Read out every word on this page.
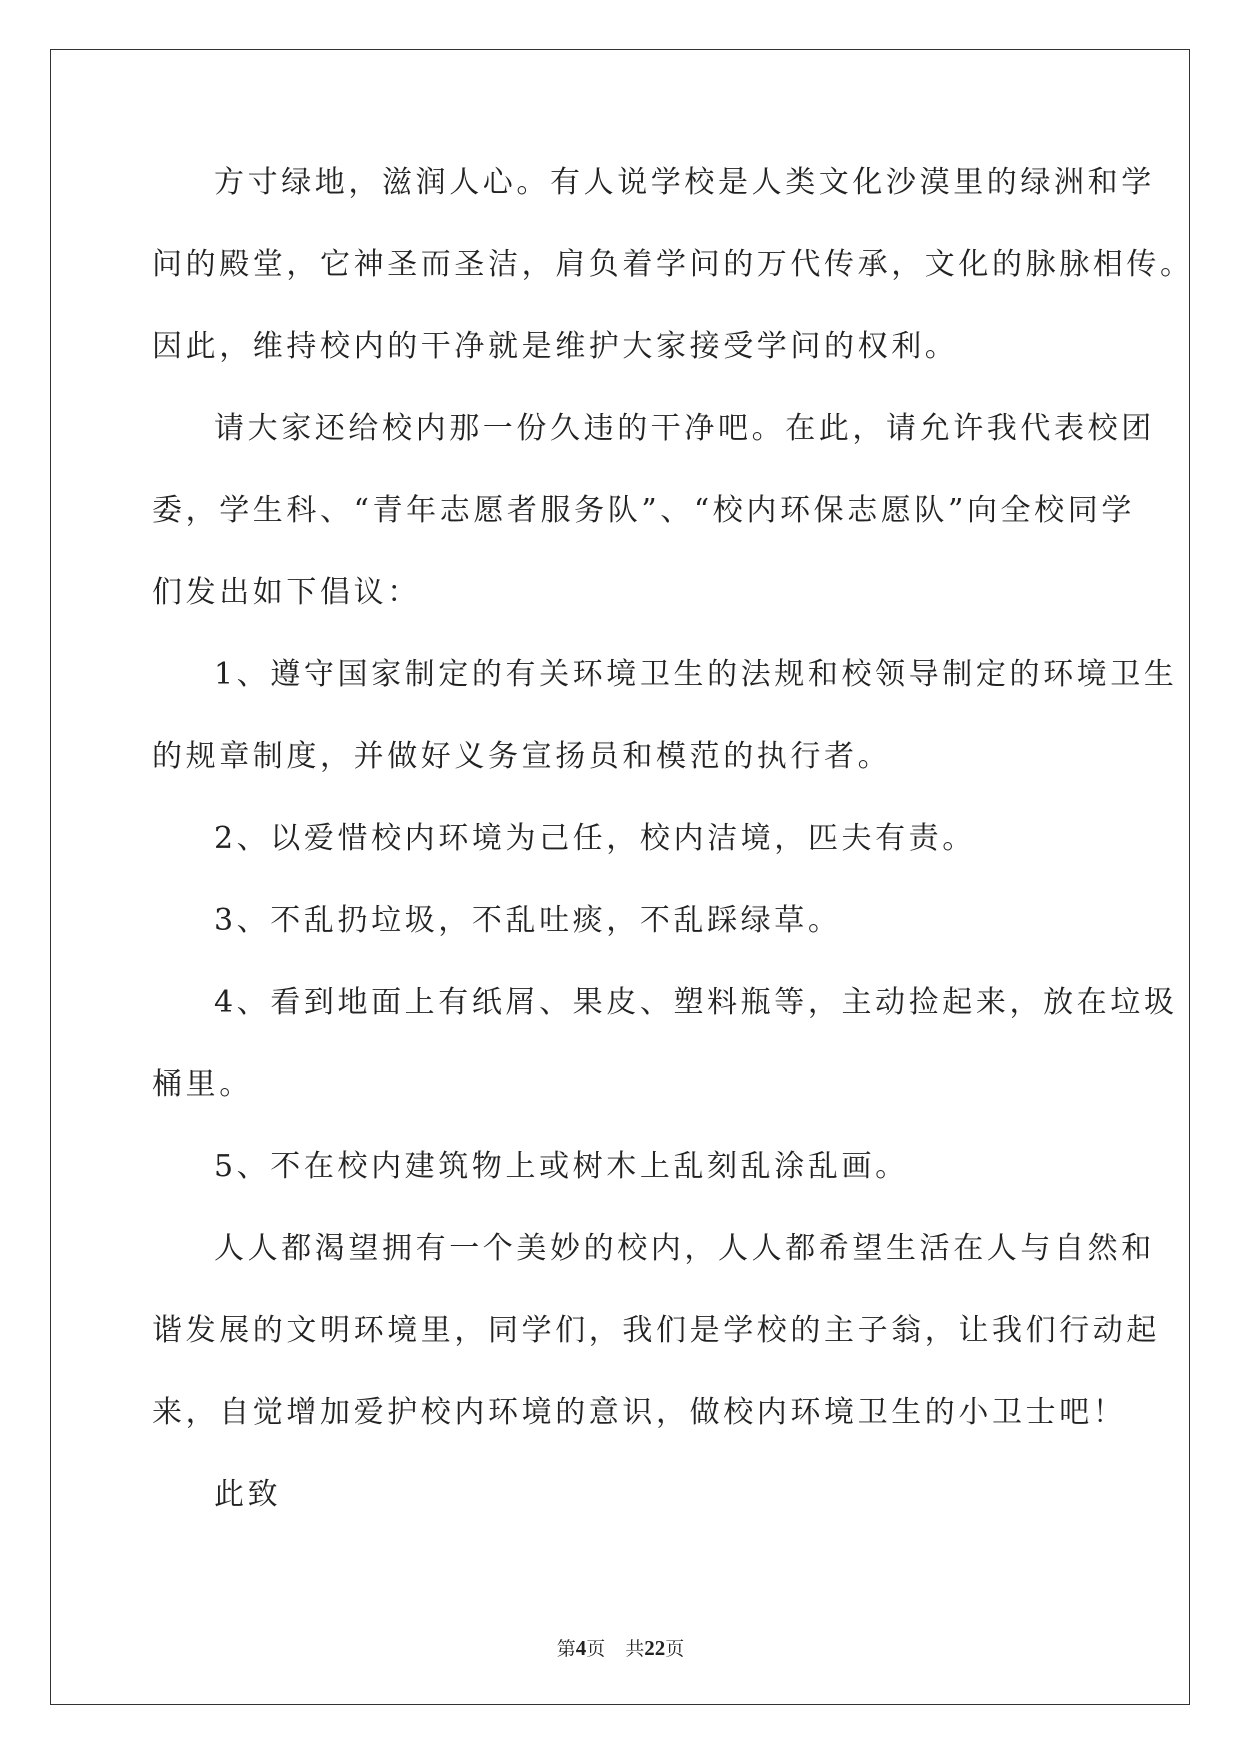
方寸绿地，滋润人心。有人说学校是人类文化沙漠里的绿洲和学
问的殿堂，它神圣而圣洁，肩负着学问的万代传承，文化的脉脉相传。
因此，维持校内的干净就是维护大家接受学问的权利。
请大家还给校内那一份久违的干净吧。在此，请允许我代表校团
委，学生科、“青年志愿者服务队”、“校内环保志愿队”向全校同学
们发出如下倡议：
1、遵守国家制定的有关环境卫生的法规和校领导制定的环境卫生
的规章制度，并做好义务宣扬员和模范的执行者。
2、以爱惜校内环境为己任，校内洁境，匹夫有责。
3、不乱扔垃圾，不乱吐痰，不乱踩绿草。
4、看到地面上有纸屑、果皮、塑料瓶等，主动捡起来，放在垃圾
桶里。
5、不在校内建筑物上或树木上乱刻乱涂乱画。
人人都渴望拥有一个美妙的校内，人人都希望生活在人与自然和
谐发展的文明环境里，同学们，我们是学校的主子翁，让我们行动起
来，自觉增加爱护校内环境的意识，做校内环境卫生的小卫士吧！
此致
第4页 共22页
